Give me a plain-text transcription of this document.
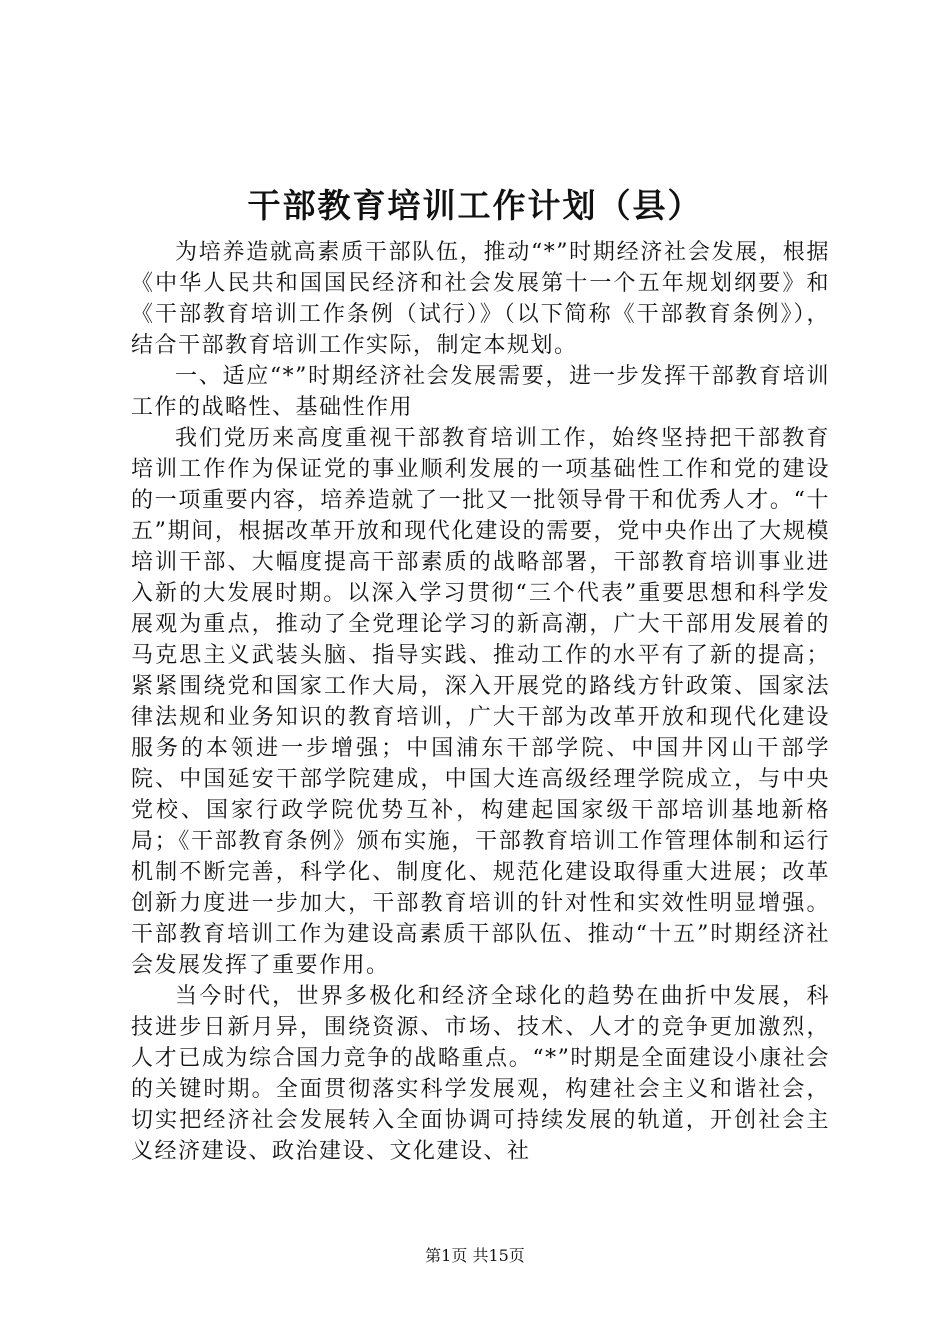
干部教育培训工作计划（县）

为培养造就高素质干部队伍，推动“*”时期经济社会发展，根据《中华人民共和国国民经济和社会发展第十一个五年规划纲要》和《干部教育培训工作条例（试行）》（以下简称《干部教育条例》），结合干部教育培训工作实际，制定本规划。

一、适应“*”时期经济社会发展需要，进一步发挥干部教育培训工作的战略性、基础性作用

我们党历来高度重视干部教育培训工作，始终坚持把干部教育培训工作作为保证党的事业顺利发展的一项基础性工作和党的建设的一项重要内容，培养造就了一批又一批领导骨干和优秀人才。“十五”期间，根据改革开放和现代化建设的需要，党中央作出了大规模培训干部、大幅度提高干部素质的战略部署，干部教育培训事业进入新的大发展时期。以深入学习贯彻“三个代表”重要思想和科学发展观为重点，推动了全党理论学习的新高潮，广大干部用发展着的马克思主义武装头脑、指导实践、推动工作的水平有了新的提高；紧紧围绕党和国家工作大局，深入开展党的路线方针政策、国家法律法规和业务知识的教育培训，广大干部为改革开放和现代化建设服务的本领进一步增强；中国浦东干部学院、中国井冈山干部学院、中国延安干部学院建成，中国大连高级经理学院成立，与中央党校、国家行政学院优势互补，构建起国家级干部培训基地新格局；《干部教育条例》颁布实施，干部教育培训工作管理体制和运行机制不断完善，科学化、制度化、规范化建设取得重大进展；改革创新力度进一步加大，干部教育培训的针对性和实效性明显增强。干部教育培训工作为建设高素质干部队伍、推动“十五”时期经济社会发展发挥了重要作用。

当今时代，世界多极化和经济全球化的趋势在曲折中发展，科技进步日新月异，围绕资源、市场、技术、人才的竞争更加激烈，人才已成为综合国力竞争的战略重点。“*”时期是全面建设小康社会的关键时期。全面贯彻落实科学发展观，构建社会主义和谐社会，切实把经济社会发展转入全面协调可持续发展的轨道，开创社会主义经济建设、政治建设、文化建设、社

第1页 共15页
